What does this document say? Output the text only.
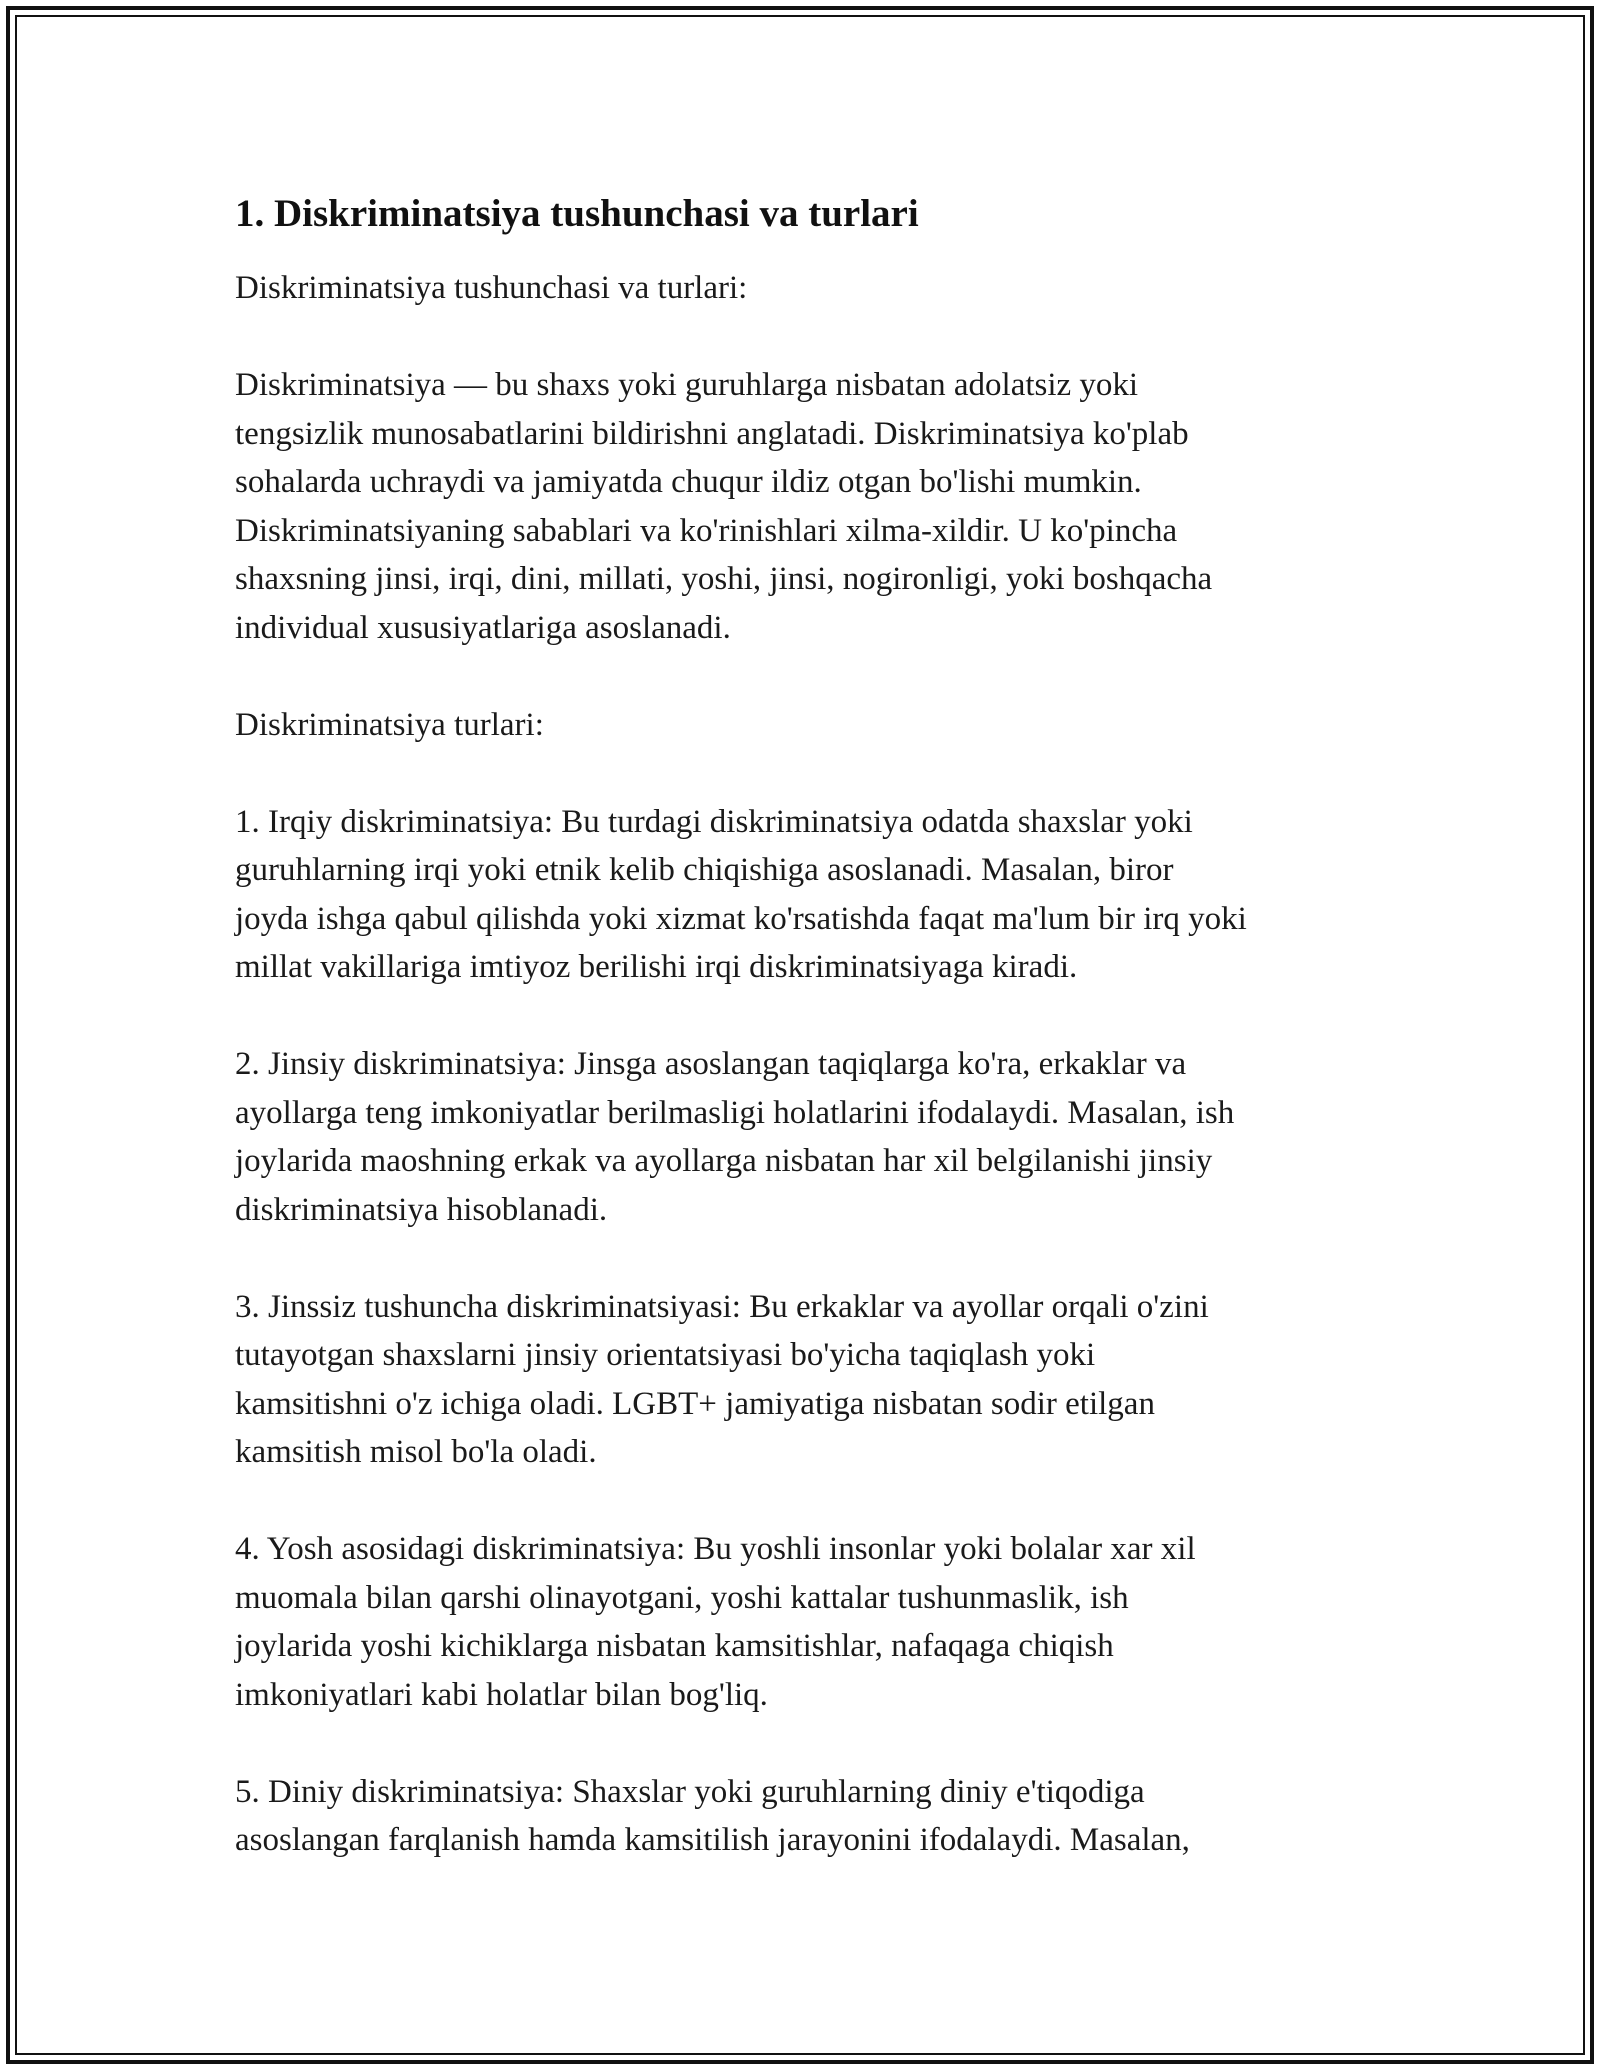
1. Diskriminatsiya tushunchasi va turlari

Diskriminatsiya tushunchasi va turlari:

Diskriminatsiya — bu shaxs yoki guruhlarga nisbatan adolatsiz yoki
tengsizlik munosabatlarini bildirishni anglatadi. Diskriminatsiya ko'plab
sohalarda uchraydi va jamiyatda chuqur ildiz otgan bo'lishi mumkin.
Diskriminatsiyaning sabablari va ko'rinishlari xilma-xildir. U ko'pincha
shaxsning jinsi, irqi, dini, millati, yoshi, jinsi, nogironligi, yoki boshqacha
individual xususiyatlariga asoslanadi.

Diskriminatsiya turlari:

1. Irqiy diskriminatsiya: Bu turdagi diskriminatsiya odatda shaxslar yoki
guruhlarning irqi yoki etnik kelib chiqishiga asoslanadi. Masalan, biror
joyda ishga qabul qilishda yoki xizmat ko'rsatishda faqat ma'lum bir irq yoki
millat vakillariga imtiyoz berilishi irqi diskriminatsiyaga kiradi.

2. Jinsiy diskriminatsiya: Jinsga asoslangan taqiqlarga ko'ra, erkaklar va
ayollarga teng imkoniyatlar berilmasligi holatlarini ifodalaydi. Masalan, ish
joylarida maoshning erkak va ayollarga nisbatan har xil belgilanishi jinsiy
diskriminatsiya hisoblanadi.

3. Jinssiz tushuncha diskriminatsiyasi: Bu erkaklar va ayollar orqali o'zini
tutayotgan shaxslarni jinsiy orientatsiyasi bo'yicha taqiqlash yoki
kamsitishni o'z ichiga oladi. LGBT+ jamiyatiga nisbatan sodir etilgan
kamsitish misol bo'la oladi.

4. Yosh asosidagi diskriminatsiya: Bu yoshli insonlar yoki bolalar xar xil
muomala bilan qarshi olinayotgani, yoshi kattalar tushunmaslik, ish
joylarida yoshi kichiklarga nisbatan kamsitishlar, nafaqaga chiqish
imkoniyatlari kabi holatlar bilan bog'liq.

5. Diniy diskriminatsiya: Shaxslar yoki guruhlarning diniy e'tiqodiga
asoslangan farqlanish hamda kamsitilish jarayonini ifodalaydi. Masalan,
